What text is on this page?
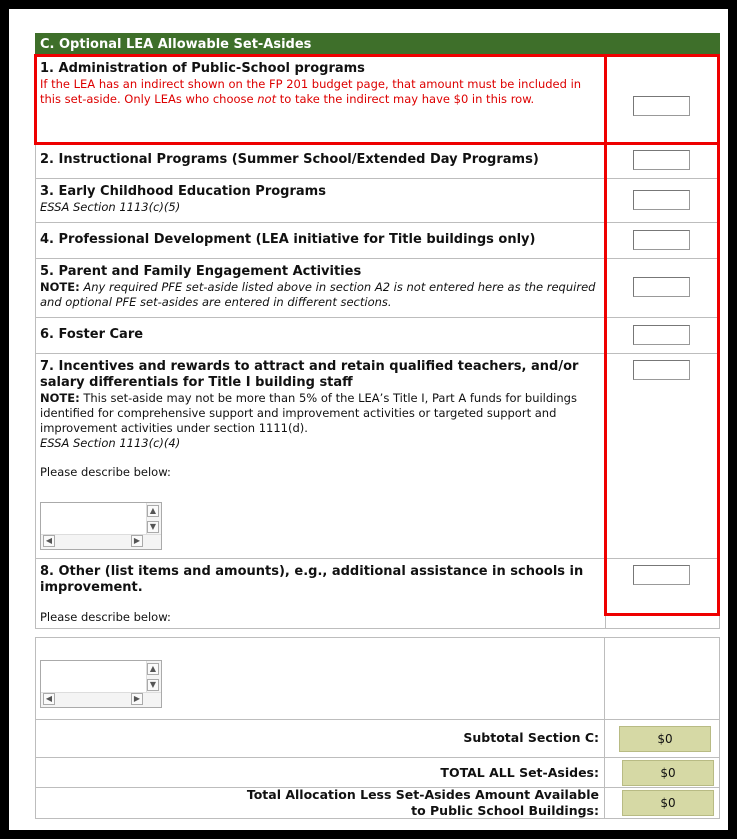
C. Optional LEA Allowable Set-Asides
1. Administration of Public-School programs
If the LEA has an indirect shown on the FP 201 budget page, that amount must be included in this set-aside. Only LEAs who choose not to take the indirect may have $0 in this row.
2. Instructional Programs (Summer School/Extended Day Programs)
3. Early Childhood Education Programs
ESSA Section 1113(c)(5)
4. Professional Development (LEA initiative for Title buildings only)
5. Parent and Family Engagement Activities
NOTE: Any required PFE set-aside listed above in section A2 is not entered here as the required and optional PFE set-asides are entered in different sections.
6. Foster Care
7. Incentives and rewards to attract and retain qualified teachers, and/or salary differentials for Title I building staff
NOTE: This set-aside may not be more than 5% of the LEA’s Title I, Part A funds for buildings identified for comprehensive support and improvement activities or targeted support and improvement activities under section 1111(d).
ESSA Section 1113(c)(4)
Please describe below:
▲
▼
◀	▶
8. Other (list items and amounts), e.g., additional assistance in schools in improvement.
Please describe below:
▲
▼
◀	▶
Subtotal Section C:	$0
TOTAL ALL Set-Asides:	$0
Total Allocation Less Set-Asides Amount Available
to Public School Buildings:	$0
